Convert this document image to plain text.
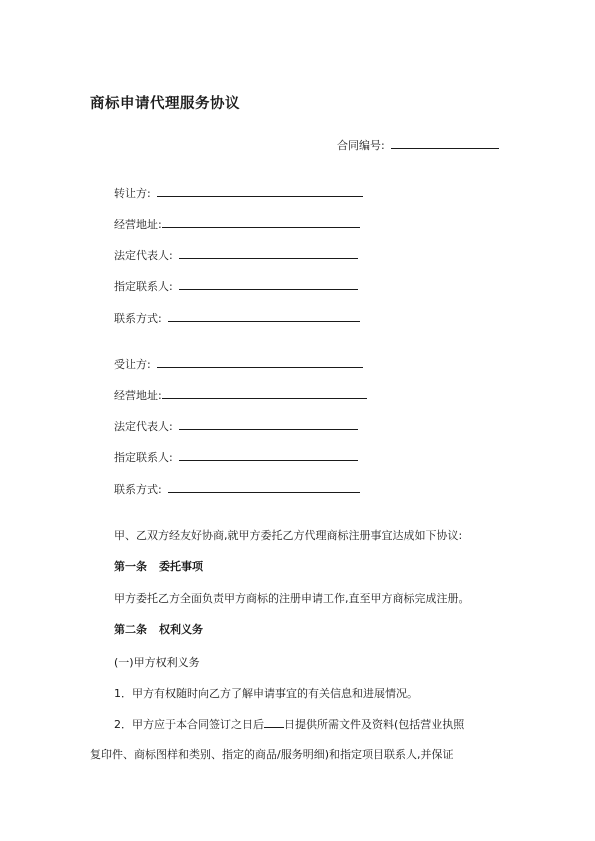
商标申请代理服务协议
合同编号:
转让方:
经营地址:
法定代表人:
指定联系人:
联系方式:
受让方:
经营地址:
法定代表人:
指定联系人:
联系方式:
甲、乙双方经友好协商,就甲方委托乙方代理商标注册事宜达成如下协议:
第一条 委托事项
甲方委托乙方全面负责甲方商标的注册申请工作,直至甲方商标完成注册。
第二条 权利义务
(一)甲方权利义务
1．甲方有权随时向乙方了解申请事宜的有关信息和进展情况。
2．甲方应于本合同签订之日后 日提供所需文件及资料(包括营业执照
复印件、商标图样和类别、指定的商品/服务明细)和指定项目联系人,并保证
